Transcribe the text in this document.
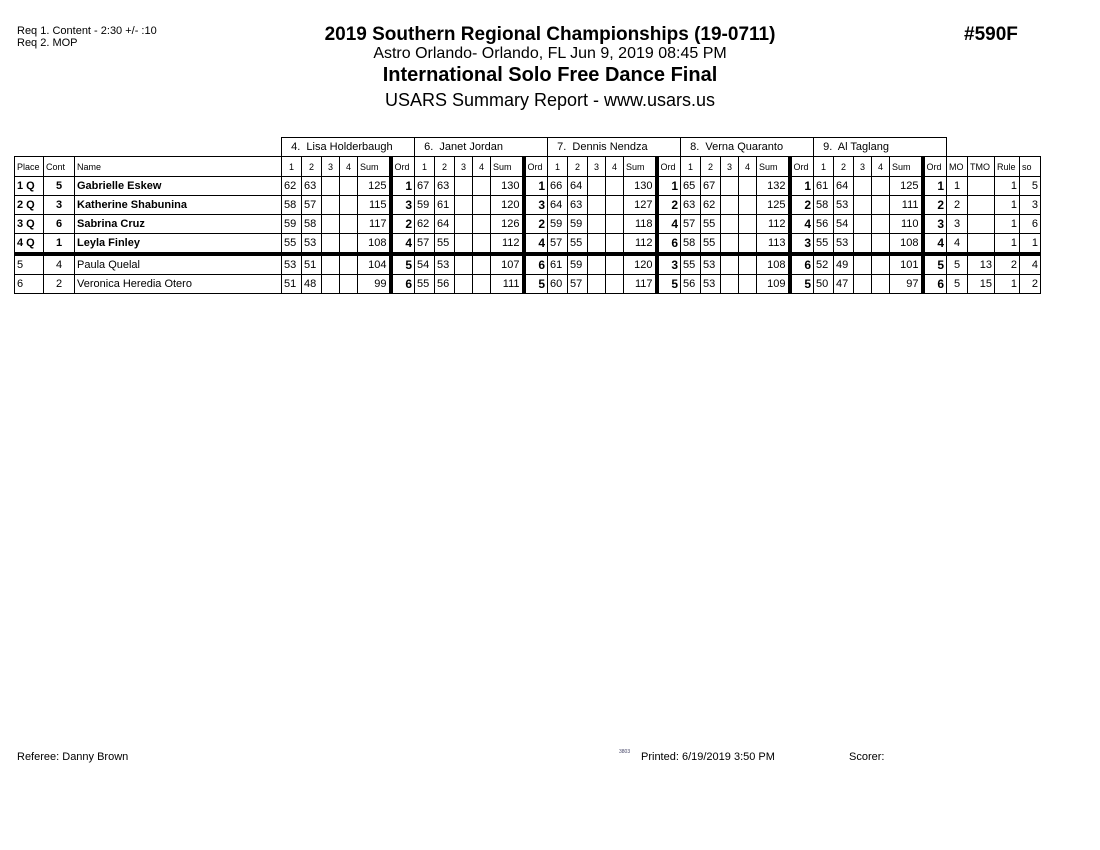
Req 1. Content - 2:30 +/- :10
Req 2. MOP	2019 Southern Regional Championships (19-0711)
Astro Orlando- Orlando, FL Jun 9, 2019 08:45 PM
International Solo Free Dance Final
USARS Summary Report - www.usars.us
#590F
			4.  Lisa Holderbaugh						6.  Janet Jordan						7.  Dennis Nendza						8.  Verna Quaranto						9.  Al Taglang									
Place	Cont	Name	1	2	3	4	Sum	Ord	1	2	3	4	Sum	Ord	1	2	3	4	Sum	Ord	1	2	3	4	Sum	Ord	1	2	3	4	Sum	Ord	MO	TMO	Rule	so
1 Q	5	Gabrielle Eskew	62	63			125	1	67	63			130	1	66	64			130	1	65	67			132	1	61	64			125	1	1		1	5
2 Q	3	Katherine Shabunina	58	57			115	3	59	61			120	3	64	63			127	2	63	62			125	2	58	53			111	2	2		1	3
3 Q	6	Sabrina Cruz	59	58			117	2	62	64			126	2	59	59			118	4	57	55			112	4	56	54			110	3	3		1	6
4 Q	1	Leyla Finley	55	53			108	4	57	55			112	4	57	55			112	6	58	55			113	3	55	53			108	4	4		1	1
5	4	Paula Quelal	53	51			104	5	54	53			107	6	61	59			120	3	55	53			108	6	52	49			101	5	5	13	2	4
6	2	Veronica Heredia Otero	51	48			99	6	55	56			111	5	60	57			117	5	56	53			109	5	50	47			97	6	5	15	1	2
Referee: Danny Brown	3803 Printed: 6/19/2019 3:50 PM	Scorer:
